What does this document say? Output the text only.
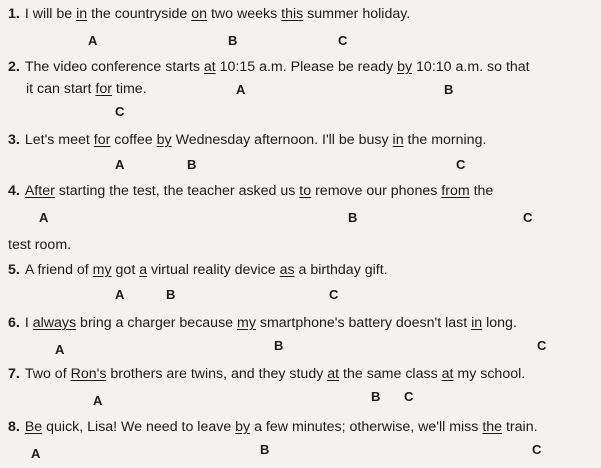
1. I will be in the countryside on two weeks this summer holiday.
A	B	C
2. The video conference starts at 10:15 a.m. Please be ready by 10:10 a.m. so that
it can start for time.	A	B
C
3. Let's meet for coffee by Wednesday afternoon. I'll be busy in the morning.
A	B	C
4. After starting the test, the teacher asked us to remove our phones from the
A	B	C
test room.
5. A friend of my got a virtual reality device as a birthday gift.
A	B	C
6. I always bring a charger because my smartphone's battery doesn't last in long.
A	B	C
7. Two of Ron's brothers are twins, and they study at the same class at my school.
A	B C
8. Be quick, Lisa! We need to leave by a few minutes; otherwise, we'll miss the train.
A	B	C
